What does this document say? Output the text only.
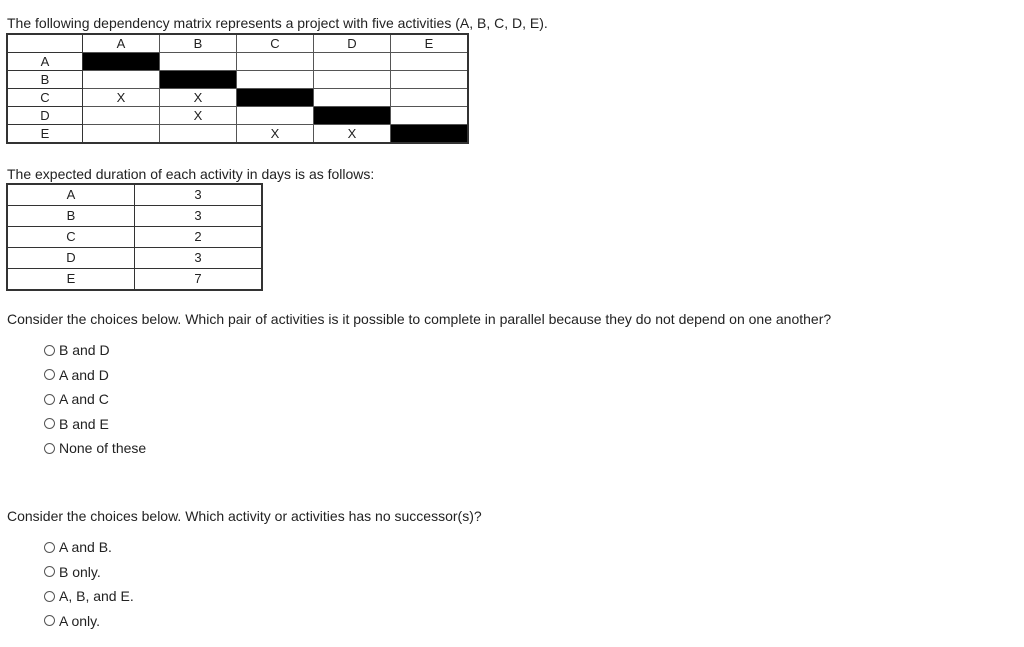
The following dependency matrix represents a project with five activities (A, B, C, D, E).
	A	B	C	D	E
A					
B					
C	X	X			
D		X			
E			X	X	
The expected duration of each activity in days is as follows:
A	3
B	3
C	2
D	3
E	7
Consider the choices below. Which pair of activities is it possible to complete in parallel because they do not depend on one another?
B and D
A and D
A and C
B and E
None of these
Consider the choices below. Which activity or activities has no successor(s)?
A and B.
B only.
A, B, and E.
A only.
